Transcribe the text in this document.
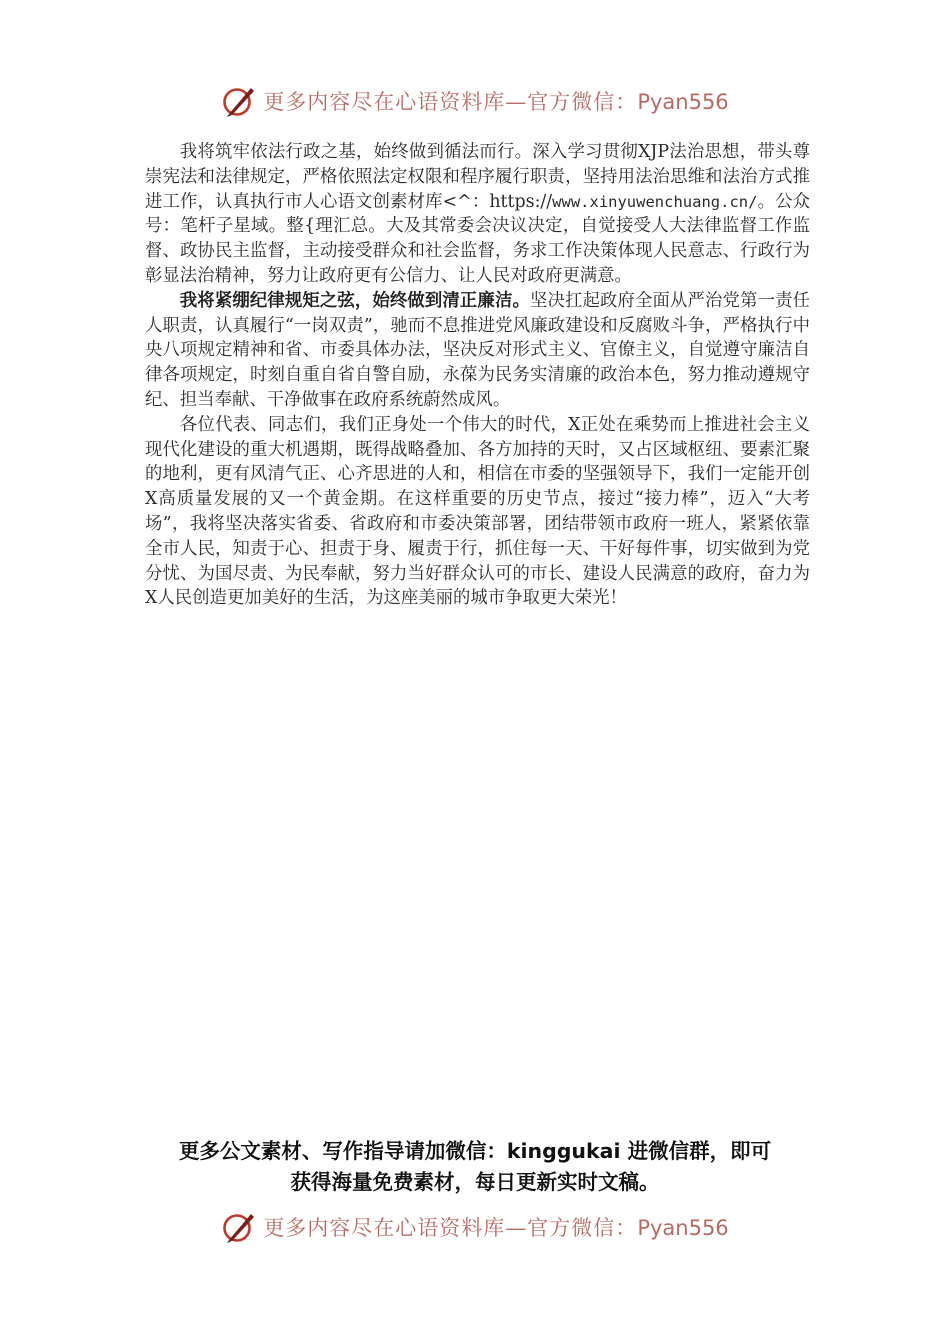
更多内容尽在心语资料库—官方微信：Pyan556

我将筑牢依法行政之基，始终做到循法而行。深入学习贯彻XJP法治思想，带头尊崇宪法和法律规定，严格依照法定权限和程序履行职责，坚持用法治思维和法治方式推进工作，认真执行市人心语文创素材库<^：https://www.xinyuwenchuang.cn/。公众号：笔杆子星域。整{理汇总。大及其常委会决议决定，自觉接受人大法律监督工作监督、政协民主监督，主动接受群众和社会监督，务求工作决策体现人民意志、行政行为彰显法治精神，努力让政府更有公信力、让人民对政府更满意。

我将紧绷纪律规矩之弦，始终做到清正廉洁。坚决扛起政府全面从严治党第一责任人职责，认真履行“一岗双责”，驰而不息推进党风廉政建设和反腐败斗争，严格执行中央八项规定精神和省、市委具体办法，坚决反对形式主义、官僚主义，自觉遵守廉洁自律各项规定，时刻自重自省自警自励，永葆为民务实清廉的政治本色，努力推动遵规守纪、担当奉献、干净做事在政府系统蔚然成风。

各位代表、同志们，我们正身处一个伟大的时代，X正处在乘势而上推进社会主义现代化建设的重大机遇期，既得战略叠加、各方加持的天时，又占区域枢纽、要素汇聚的地利，更有风清气正、心齐思进的人和，相信在市委的坚强领导下，我们一定能开创X高质量发展的又一个黄金期。在这样重要的历史节点，接过“接力棒”，迈入“大考场”，我将坚决落实省委、省政府和市委决策部署，团结带领市政府一班人，紧紧依靠全市人民，知责于心、担责于身、履责于行，抓住每一天、干好每件事，切实做到为党分忧、为国尽责、为民奉献，努力当好群众认可的市长、建设人民满意的政府，奋力为X人民创造更加美好的生活，为这座美丽的城市争取更大荣光！

更多公文素材、写作指导请加微信：kinggukai 进微信群，即可
获得海量免费素材，每日更新实时文稿。
更多内容尽在心语资料库—官方微信：Pyan556
